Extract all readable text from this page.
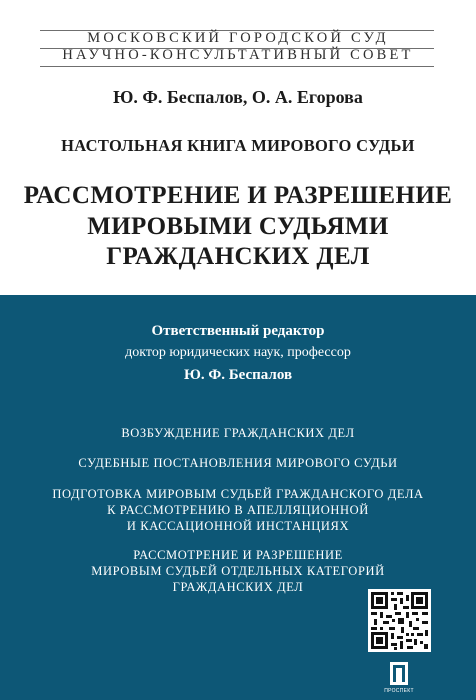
МОСКОВСКИЙ ГОРОДСКОЙ СУД
НАУЧНО-КОНСУЛЬТАТИВНЫЙ СОВЕТ
Ю. Ф. Беспалов, О. А. Егорова
НАСТОЛЬНАЯ КНИГА МИРОВОГО СУДЬИ
РАССМОТРЕНИЕ И РАЗРЕШЕНИЕ
МИРОВЫМИ СУДЬЯМИ
ГРАЖДАНСКИХ ДЕЛ
Ответственный редактор
доктор юридических наук, профессор
Ю. Ф. Беспалов
ВОЗБУЖДЕНИЕ ГРАЖДАНСКИХ ДЕЛ
СУДЕБНЫЕ ПОСТАНОВЛЕНИЯ МИРОВОГО СУДЬИ
ПОДГОТОВКА МИРОВЫМ СУДЬЕЙ ГРАЖДАНСКОГО ДЕЛА
К РАССМОТРЕНИЮ В АПЕЛЛЯЦИОННОЙ
И КАССАЦИОННОЙ ИНСТАНЦИЯХ
РАССМОТРЕНИЕ И РАЗРЕШЕНИЕ
МИРОВЫМ СУДЬЕЙ ОТДЕЛЬНЫХ КАТЕГОРИЙ
ГРАЖДАНСКИХ ДЕЛ
ПРОСПЕКТ
